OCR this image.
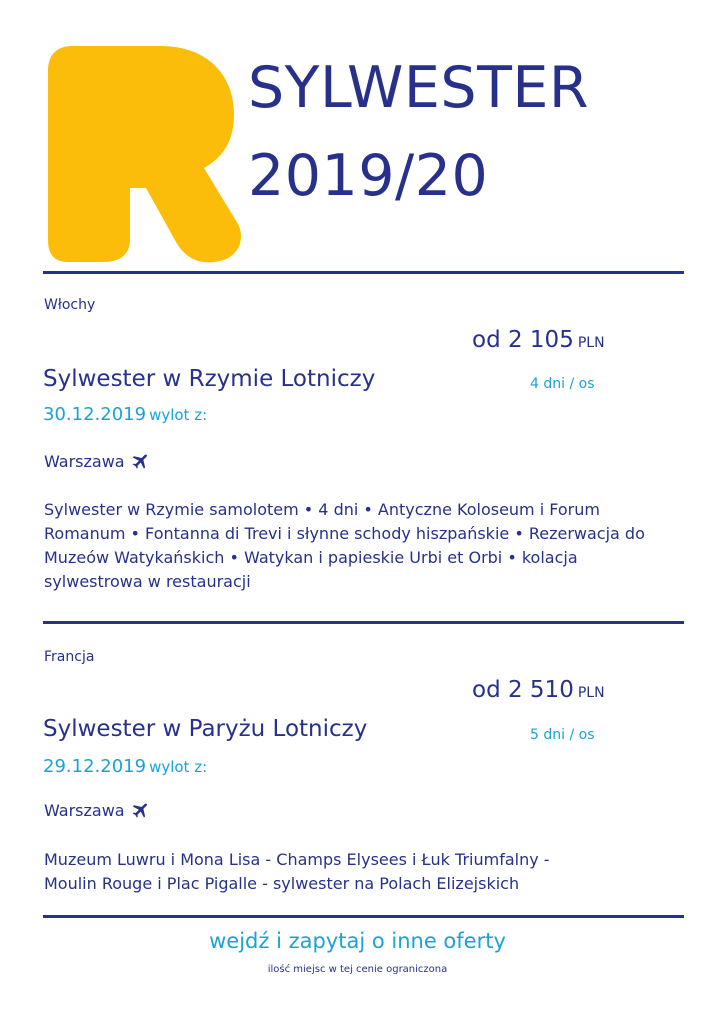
SYLWESTER
2019/20
Włochy
od 2 105 PLN
Sylwester w Rzymie Lotniczy	4 dni / os
30.12.2019 wylot z:
Warszawa
Sylwester w Rzymie samolotem • 4 dni • Antyczne Koloseum i Forum Romanum • Fontanna di Trevi i słynne schody hiszpańskie • Rezerwacja do Muzeów Watykańskich • Watykan i papieskie Urbi et Orbi • kolacja sylwestrowa w restauracji
Francja
od 2 510 PLN
Sylwester w Paryżu Lotniczy	5 dni / os
29.12.2019 wylot z:
Warszawa
Muzeum Luwru i Mona Lisa - Champs Elysees i Łuk Triumfalny - Moulin Rouge i Plac Pigalle - sylwester na Polach Elizejskich
wejdź i zapytaj o inne oferty
ilość miejsc w tej cenie ograniczona
